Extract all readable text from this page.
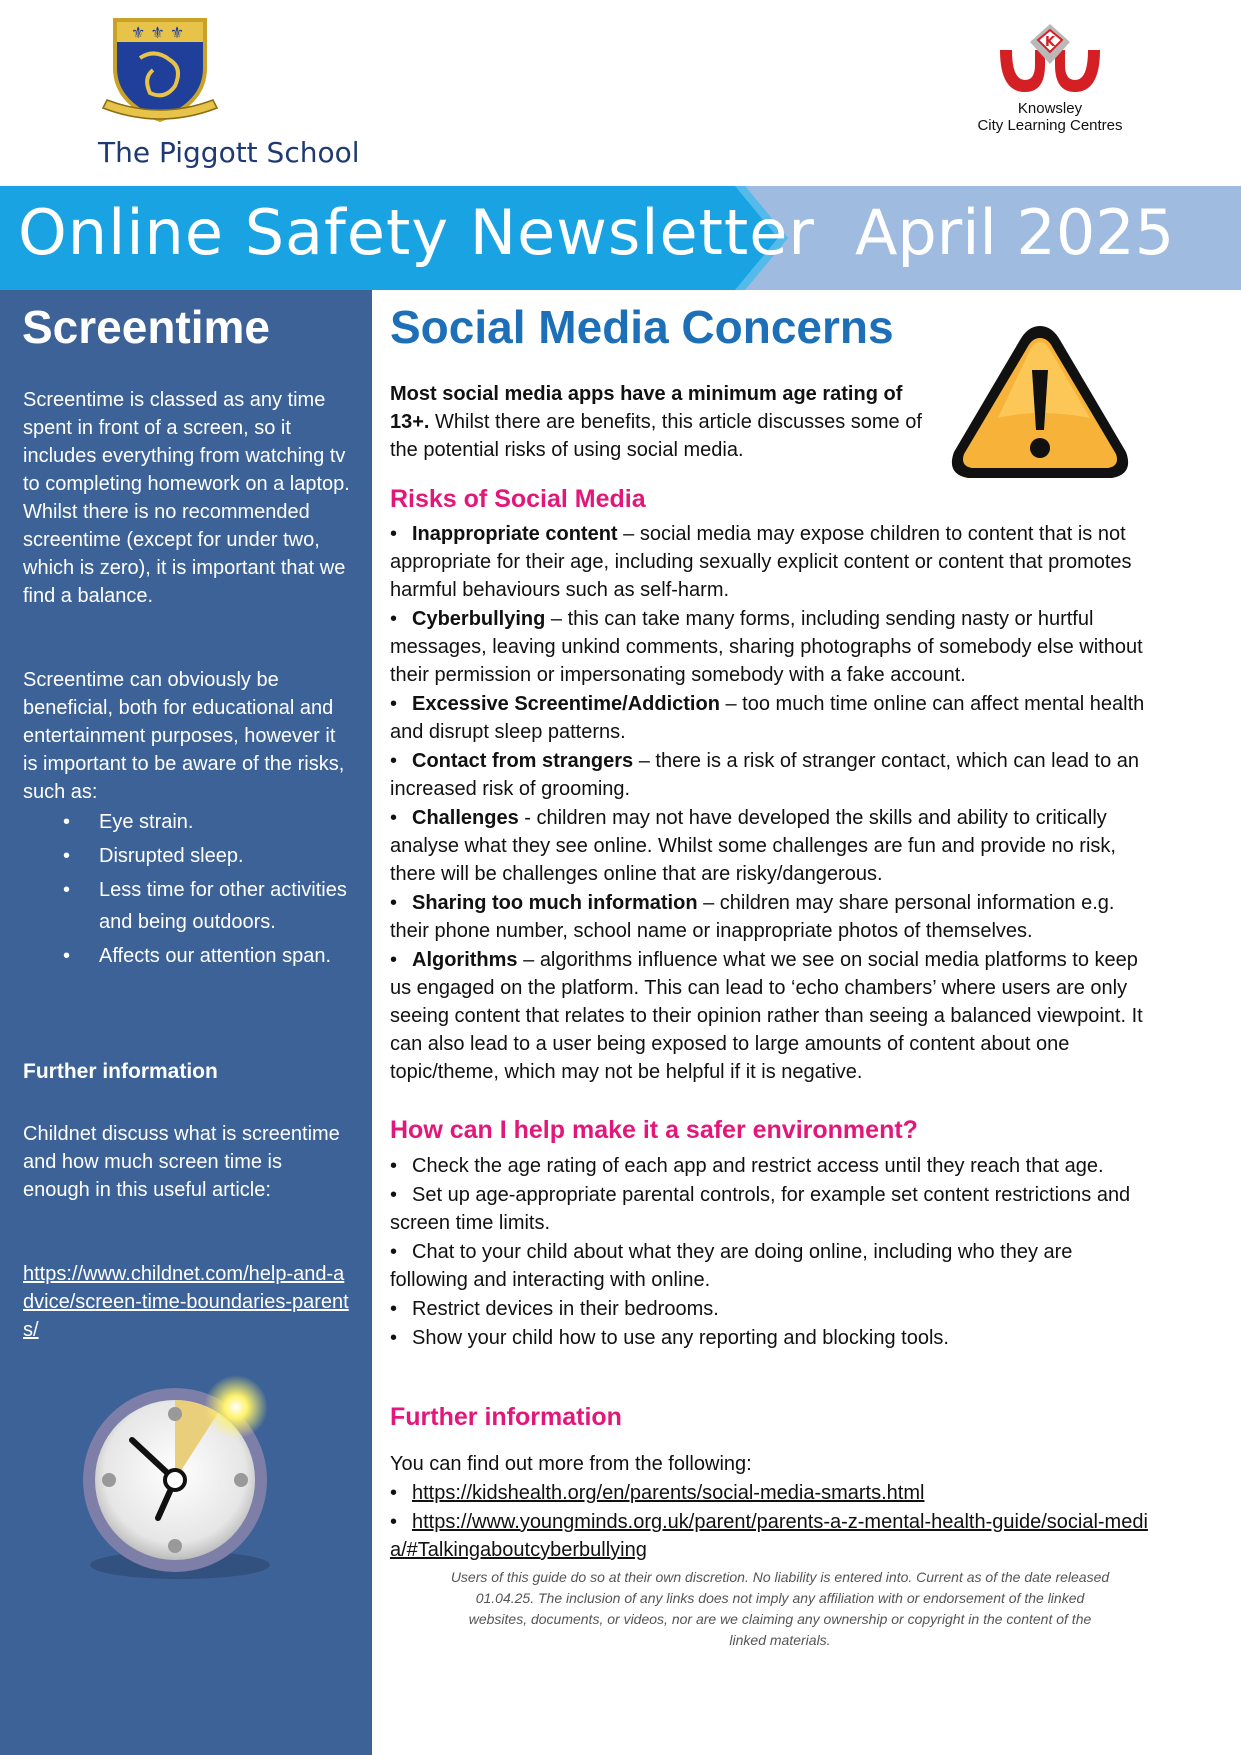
⚜ ⚜ ⚜
The Piggott School
K
Knowsley
City Learning Centres
Online Safety Newsletter April 2025
Screentime
Screentime is classed as any time spent in front of a screen, so it includes everything from watching tv to completing homework on a laptop. Whilst there is no recommended screentime (except for under two, which is zero), it is important that we find a balance.
Screentime can obviously be beneficial, both for educational and entertainment purposes, however it is important to be aware of the risks, such as:
• Eye strain.
• Disrupted sleep.
• Less time for other activities and being outdoors.
• Affects our attention span.
Further information
Childnet discuss what is screentime and how much screen time is enough in this useful article:
https://www.childnet.com/help-and-advice/screen-time-boundaries-parents/
Social Media Concerns
Most social media apps have a minimum age rating of 13+. Whilst there are benefits, this article discusses some of the potential risks of using social media.
Risks of Social Media

• Inappropriate content – social media may expose children to content that is not appropriate for their age, including sexually explicit content or content that promotes harmful behaviours such as self-harm.

• Cyberbullying – this can take many forms, including sending nasty or hurtful messages, leaving unkind comments, sharing photographs of somebody else without their permission or impersonating somebody with a fake account.

• Excessive Screentime/Addiction – too much time online can affect mental health and disrupt sleep patterns.

• Contact from strangers – there is a risk of stranger contact, which can lead to an increased risk of grooming.

• Challenges - children may not have developed the skills and ability to critically analyse what they see online. Whilst some challenges are fun and provide no risk, there will be challenges online that are risky/dangerous.

• Sharing too much information – children may share personal information e.g. their phone number, school name or inappropriate photos of themselves.

• Algorithms – algorithms influence what we see on social media platforms to keep us engaged on the platform. This can lead to ‘echo chambers’ where users are only seeing content that relates to their opinion rather than seeing a balanced viewpoint. It can also lead to a user being exposed to large amounts of content about one topic/theme, which may not be helpful if it is negative.

How can I help make it a safer environment?

• Check the age rating of each app and restrict access until they reach that age.

• Set up age-appropriate parental controls, for example set content restrictions and screen time limits.

• Chat to your child about what they are doing online, including who they are following and interacting with online.

• Restrict devices in their bedrooms.

• Show your child how to use any reporting and blocking tools.

Further information

You can find out more from the following:

• https://kidshealth.org/en/parents/social-media-smarts.html

• https://www.youngminds.org.uk/parent/parents-a-z-mental-health-guide/social-media/#Talkingaboutcyberbullying

Users of this guide do so at their own discretion. No liability is entered into. Current as of the date released 01.04.25. The inclusion of any links does not imply any affiliation with or endorsement of the linked websites, documents, or videos, nor are we claiming any ownership or copyright in the content of the linked materials.
